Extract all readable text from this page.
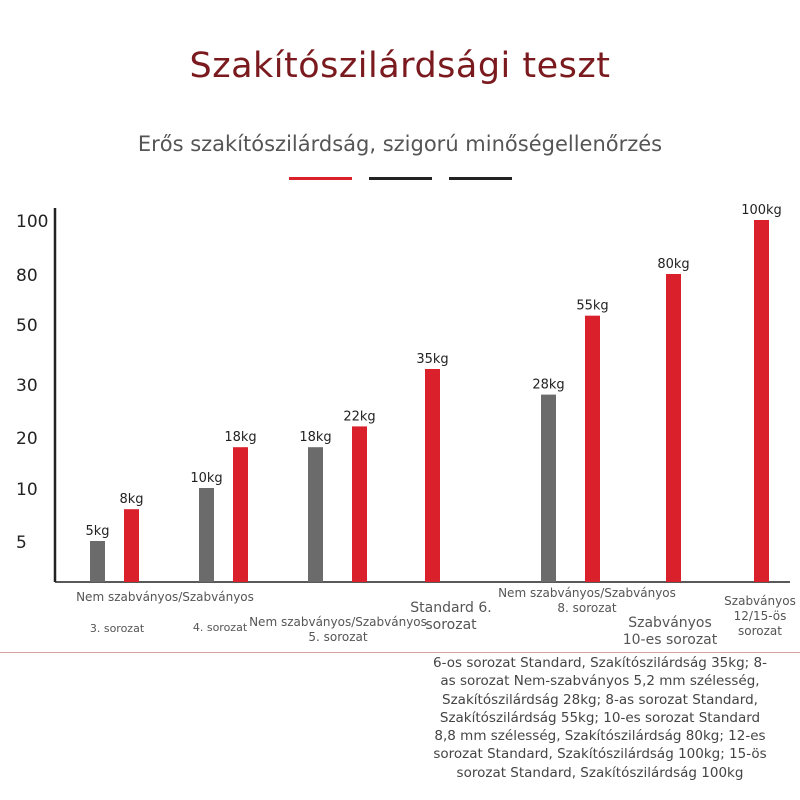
Szakítószilárdsági teszt
Erős szakítószilárdság, szigorú minőségellenőrzés
5
10
20
30
50
80
100
5kg
8kg
10kg
18kg	18kg
22kg
35kg
28kg
55kg
80kg
100kg
Nem szabványos/Szabványos
3. sorozat	4. sorozat Nem szabványos/Szabványos
5. sorozat
Standard 6.
sorozat
Nem szabványos/Szabványos
8. sorozat
Szabványos
10-es sorozat
Szabványos
12/15-ös
sorozat
6-os sorozat Standard, Szakítószilárdság 35kg; 8-as sorozat Nem-szabványos 5,2 mm szélesség, Szakítószilárdság 28kg; 8-as sorozat Standard, Szakítószilárdság 55kg; 10-es sorozat Standard 8,8 mm szélesség, Szakítószilárdság 80kg; 12-es sorozat Standard, Szakítószilárdság 100kg; 15-ös sorozat Standard, Szakítószilárdság 100kg
